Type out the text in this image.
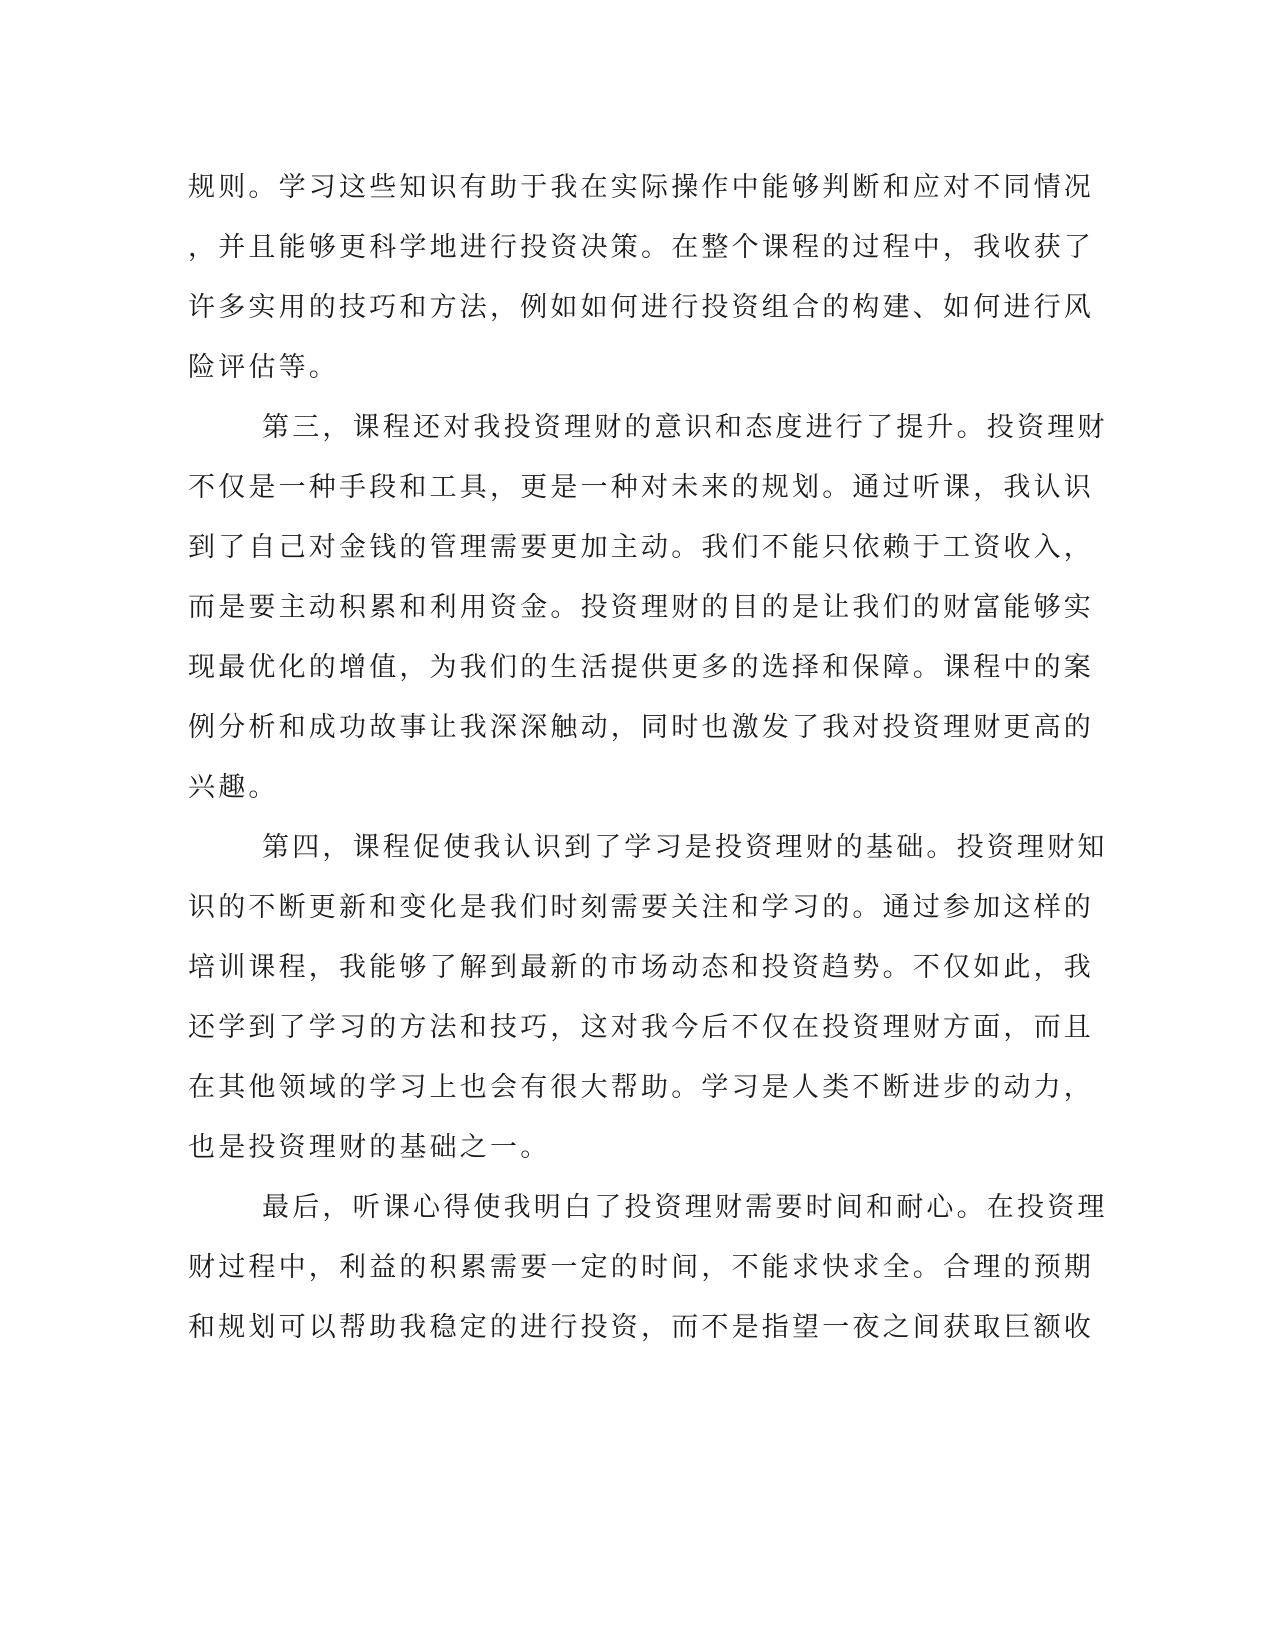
规则。学习这些知识有助于我在实际操作中能够判断和应对不同情况

，并且能够更科学地进行投资决策。在整个课程的过程中，我收获了

许多实用的技巧和方法，例如如何进行投资组合的构建、如何进行风

险评估等。

第三，课程还对我投资理财的意识和态度进行了提升。投资理财

不仅是一种手段和工具，更是一种对未来的规划。通过听课，我认识

到了自己对金钱的管理需要更加主动。我们不能只依赖于工资收入，

而是要主动积累和利用资金。投资理财的目的是让我们的财富能够实

现最优化的增值，为我们的生活提供更多的选择和保障。课程中的案

例分析和成功故事让我深深触动，同时也激发了我对投资理财更高的

兴趣。

第四，课程促使我认识到了学习是投资理财的基础。投资理财知

识的不断更新和变化是我们时刻需要关注和学习的。通过参加这样的

培训课程，我能够了解到最新的市场动态和投资趋势。不仅如此，我

还学到了学习的方法和技巧，这对我今后不仅在投资理财方面，而且

在其他领域的学习上也会有很大帮助。学习是人类不断进步的动力，

也是投资理财的基础之一。

最后，听课心得使我明白了投资理财需要时间和耐心。在投资理

财过程中，利益的积累需要一定的时间，不能求快求全。合理的预期

和规划可以帮助我稳定的进行投资，而不是指望一夜之间获取巨额收
